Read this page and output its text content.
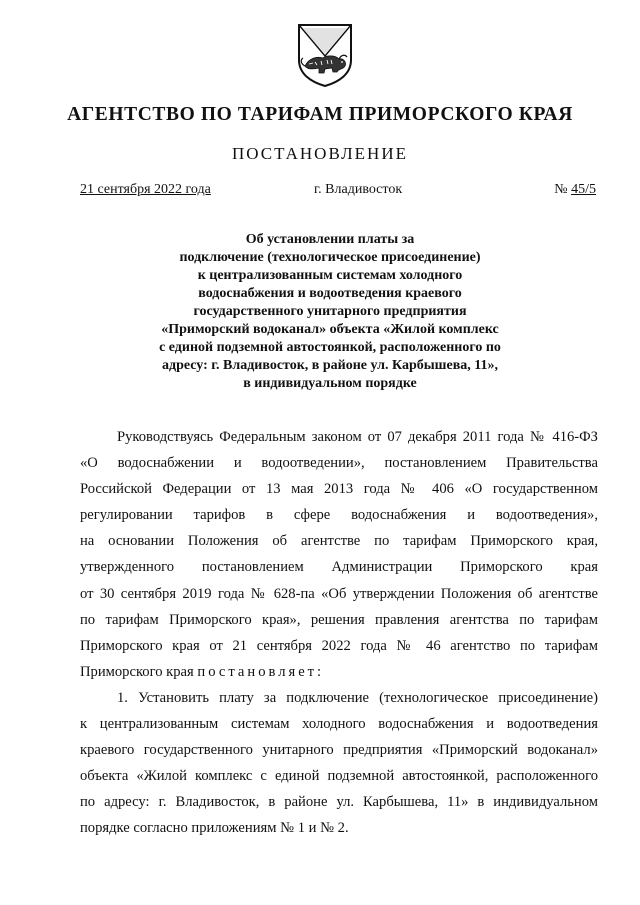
АГЕНТСТВО ПО ТАРИФАМ ПРИМОРСКОГО КРАЯ
ПОСТАНОВЛЕНИЕ
21 сентября 2022 года	г. Владивосток	№ 45/5
Об установлении платы за
подключение (технологическое присоединение)
к централизованным системам холодного
водоснабжения и водоотведения краевого
государственного унитарного предприятия
«Приморский водоканал» объекта «Жилой комплекс
с единой подземной автостоянкой, расположенного по
адресу: г. Владивосток, в районе ул. Карбышева, 11»,
в индивидуальном порядке

Руководствуясь Федеральным законом от 07 декабря 2011 года № 416-ФЗ
«О водоснабжении и водоотведении», постановлением Правительства
Российской Федерации от 13 мая 2013 года № 406 «О государственном
регулировании тарифов в сфере водоснабжения и водоотведения»,
на основании Положения об агентстве по тарифам Приморского края,
утвержденного постановлением Администрации Приморского края
от 30 сентября 2019 года № 628-па «Об утверждении Положения об агентстве
по тарифам Приморского края», решения правления агентства по тарифам
Приморского края от 21 сентября 2022 года № 46 агентство по тарифам
Приморского края постановляет:

1. Установить плату за подключение (технологическое присоединение)
к централизованным системам холодного водоснабжения и водоотведения
краевого государственного унитарного предприятия «Приморский водоканал»
объекта «Жилой комплекс с единой подземной автостоянкой, расположенного
по адресу: г. Владивосток, в районе ул. Карбышева, 11» в индивидуальном
порядке согласно приложениям № 1 и № 2.
